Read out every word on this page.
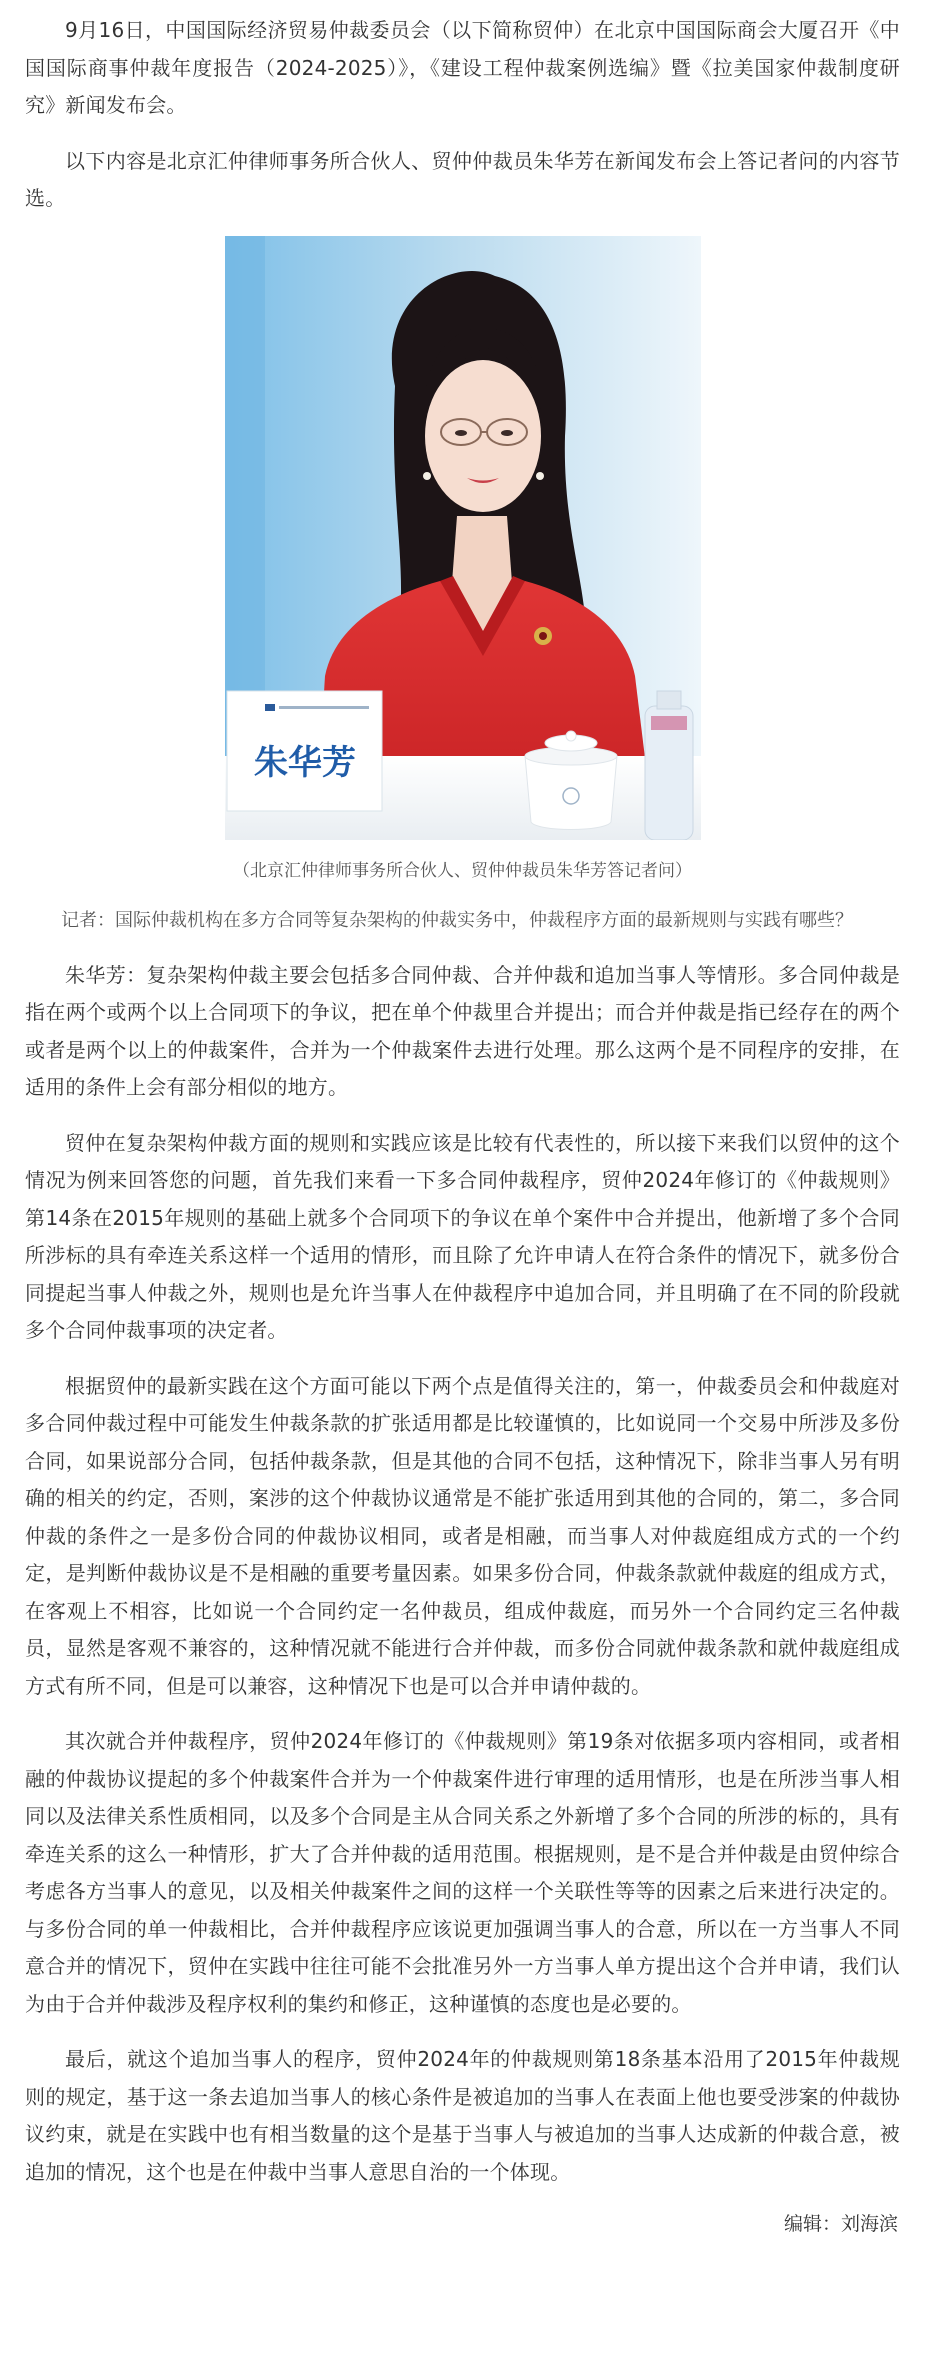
9月16日，中国国际经济贸易仲裁委员会（以下简称贸仲）在北京中国国际商会大厦召开《中国国际商事仲裁年度报告（2024-2025）》，《建设工程仲裁案例选编》暨《拉美国家仲裁制度研究》新闻发布会。

以下内容是北京汇仲律师事务所合伙人、贸仲仲裁员朱华芳在新闻发布会上答记者问的内容节选。

朱华芳
（北京汇仲律师事务所合伙人、贸仲仲裁员朱华芳答记者问）

记者：国际仲裁机构在多方合同等复杂架构的仲裁实务中，仲裁程序方面的最新规则与实践有哪些？

朱华芳：复杂架构仲裁主要会包括多合同仲裁、合并仲裁和追加当事人等情形。多合同仲裁是指在两个或两个以上合同项下的争议，把在单个仲裁里合并提出；而合并仲裁是指已经存在的两个或者是两个以上的仲裁案件，合并为一个仲裁案件去进行处理。那么这两个是不同程序的安排，在适用的条件上会有部分相似的地方。

贸仲在复杂架构仲裁方面的规则和实践应该是比较有代表性的，所以接下来我们以贸仲的这个情况为例来回答您的问题，首先我们来看一下多合同仲裁程序，贸仲2024年修订的《仲裁规则》第14条在2015年规则的基础上就多个合同项下的争议在单个案件中合并提出，他新增了多个合同所涉标的具有牵连关系这样一个适用的情形，而且除了允许申请人在符合条件的情况下，就多份合同提起当事人仲裁之外，规则也是允许当事人在仲裁程序中追加合同，并且明确了在不同的阶段就多个合同仲裁事项的决定者。

根据贸仲的最新实践在这个方面可能以下两个点是值得关注的，第一，仲裁委员会和仲裁庭对多合同仲裁过程中可能发生仲裁条款的扩张适用都是比较谨慎的，比如说同一个交易中所涉及多份合同，如果说部分合同，包括仲裁条款，但是其他的合同不包括，这种情况下，除非当事人另有明确的相关的约定，否则，案涉的这个仲裁协议通常是不能扩张适用到其他的合同的，第二，多合同仲裁的条件之一是多份合同的仲裁协议相同，或者是相融，而当事人对仲裁庭组成方式的一个约定，是判断仲裁协议是不是相融的重要考量因素。如果多份合同，仲裁条款就仲裁庭的组成方式，在客观上不相容，比如说一个合同约定一名仲裁员，组成仲裁庭，而另外一个合同约定三名仲裁员，显然是客观不兼容的，这种情况就不能进行合并仲裁，而多份合同就仲裁条款和就仲裁庭组成方式有所不同，但是可以兼容，这种情况下也是可以合并申请仲裁的。

其次就合并仲裁程序，贸仲2024年修订的《仲裁规则》第19条对依据多项内容相同，或者相融的仲裁协议提起的多个仲裁案件合并为一个仲裁案件进行审理的适用情形，也是在所涉当事人相同以及法律关系性质相同，以及多个合同是主从合同关系之外新增了多个合同的所涉的标的，具有牵连关系的这么一种情形，扩大了合并仲裁的适用范围。根据规则，是不是合并仲裁是由贸仲综合考虑各方当事人的意见，以及相关仲裁案件之间的这样一个关联性等等的因素之后来进行决定的。与多份合同的单一仲裁相比，合并仲裁程序应该说更加强调当事人的合意，所以在一方当事人不同意合并的情况下，贸仲在实践中往往可能不会批准另外一方当事人单方提出这个合并申请，我们认为由于合并仲裁涉及程序权利的集约和修正，这种谨慎的态度也是必要的。

最后，就这个追加当事人的程序，贸仲2024年的仲裁规则第18条基本沿用了2015年仲裁规则的规定，基于这一条去追加当事人的核心条件是被追加的当事人在表面上他也要受涉案的仲裁协议约束，就是在实践中也有相当数量的这个是基于当事人与被追加的当事人达成新的仲裁合意，被追加的情况，这个也是在仲裁中当事人意思自治的一个体现。

编辑：刘海滨
